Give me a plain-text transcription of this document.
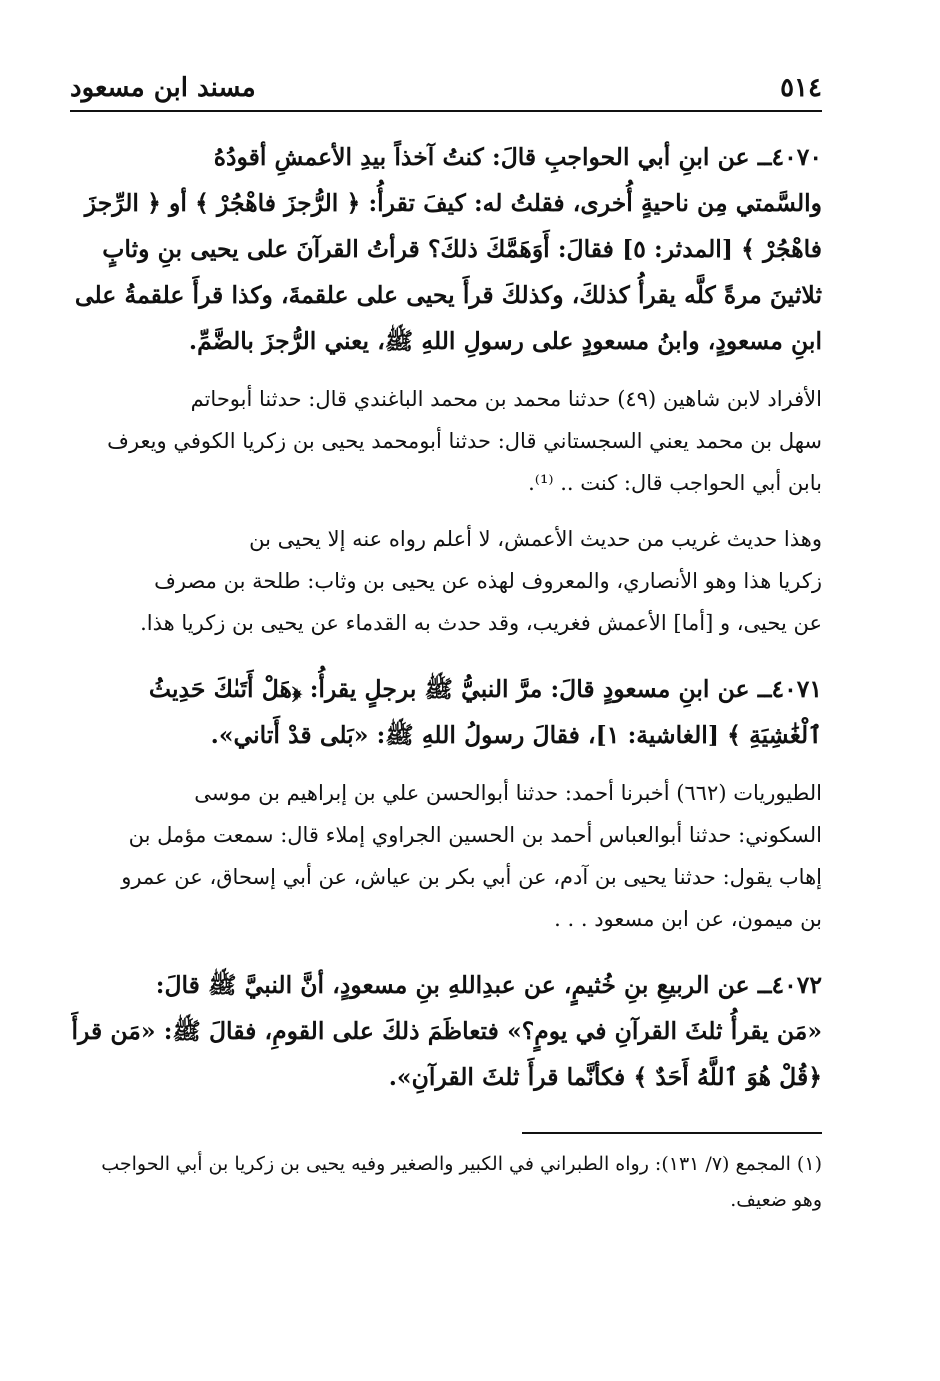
٥١٤
مسند ابن مسعود
٤٠٧٠ــ عن ابنِ أبي الحواجبِ قالَ: كنتُ آخذاً بيدِ الأعمشِ أقودُهُ
والسَّمتي مِن ناحيةٍ أُخرى، فقلتُ له: كيفَ تقرأُ: ﴿ الرُّجزَ فاهْجُرْ ﴾ أو ﴿ الرِّجزَ
فاهْجُرْ ﴾ [المدثر: ٥] فقالَ: أَوَهَمَّكَ ذلكَ؟ قرأتُ القرآنَ على يحيى بنِ وثابٍ
ثلاثينَ مرةً كلَّه يقرأُ كذلكَ، وكذلكَ قرأَ يحيى على علقمةَ، وكذا قرأَ علقمةُ على
ابنِ مسعودٍ، وابنُ مسعودٍ على رسولِ اللهِ ﷺ، يعني الرُّجزَ بالضَّمِّ.
الأفراد لابن شاهين (٤٩) حدثنا محمد بن محمد الباغندي قال: حدثنا أبوحاتم
سهل بن محمد يعني السجستاني قال: حدثنا أبومحمد يحيى بن زكريا الكوفي ويعرف
بابن أبي الحواجب قال: كنت .. ⁽¹⁾.
وهذا حديث غريب من حديث الأعمش، لا أعلم رواه عنه إلا يحيى بن
زكريا هذا وهو الأنصاري، والمعروف لهذه عن يحيى بن وثاب: طلحة بن مصرف
عن يحيى، و [أما] الأعمش فغريب، وقد حدث به القدماء عن يحيى بن زكريا هذا.
٤٠٧١ــ عن ابنِ مسعودٍ قالَ: مرَّ النبيُّ ﷺ برجلٍ يقرأُ: ﴿هَلْ أَتَىٰكَ حَدِيثُ
ٱلْغَٰشِيَةِ ﴾ [الغاشية: ١]، فقالَ رسولُ اللهِ ﷺ: «بَلى قدْ أَتاني».
الطيوريات (٦٦٢) أخبرنا أحمد: حدثنا أبوالحسن علي بن إبراهيم بن موسى
السكوني: حدثنا أبوالعباس أحمد بن الحسين الجراوي إملاء قال: سمعت مؤمل بن
إهاب يقول: حدثنا يحيى بن آدم، عن أبي بكر بن عياش، عن أبي إسحاق، عن عمرو
بن ميمون، عن ابن مسعود . . .
٤٠٧٢ــ عن الربيعِ بنِ خُثيمٍ، عن عبدِاللهِ بنِ مسعودٍ، أنَّ النبيَّ ﷺ قالَ:
«مَن يقرأُ ثلثَ القرآنِ في يومٍ؟» فتعاظَمَ ذلكَ على القومِ، فقالَ ﷺ: «مَن قرأَ
﴿قُلْ هُوَ ٱللَّهُ أَحَدٌ ﴾ فكأنَّما قرأَ ثلثَ القرآنِ».
(١) المجمع (٧/ ١٣١): رواه الطبراني في الكبير والصغير وفيه يحيى بن زكريا بن أبي الحواجب
وهو ضعيف.
